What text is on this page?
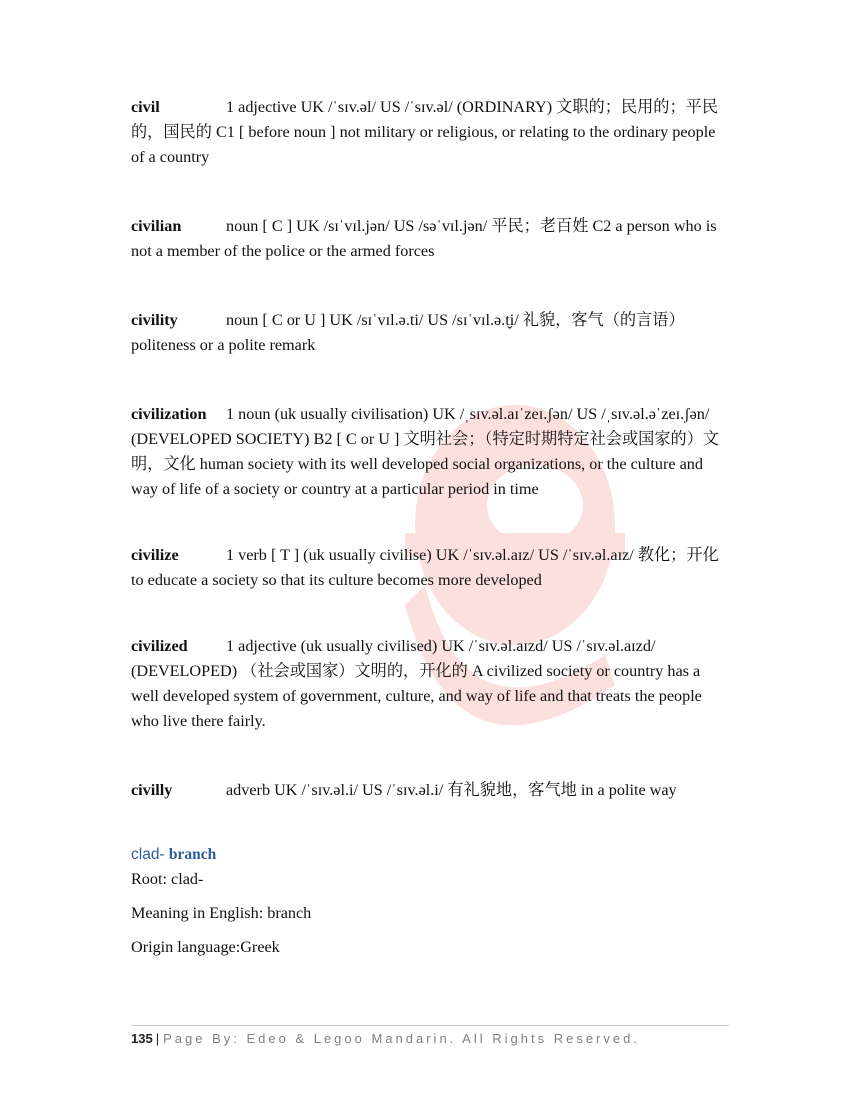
civil	1 adjective UK /ˈsɪv.əl/ US /ˈsɪv.əl/ (ORDINARY) 文职的；民用的；平民的，国民的 C1 [ before noun ] not military or religious, or relating to the ordinary people of a country

civilian	noun [ C ] UK /sɪˈvɪl.jən/ US /səˈvɪl.jən/ 平民；老百姓 C2 a person who is not a member of the police or the armed forces

civility	noun [ C or U ] UK /sɪˈvɪl.ə.ti/ US /sɪˈvɪl.ə.t̬i/ 礼貌，客气（的言语） politeness or a polite remark

civilization 1 noun (uk usually civilisation) UK /ˌsɪv.əl.aɪˈzeɪ.ʃən/ US /ˌsɪv.əl.əˈzeɪ.ʃən/ (DEVELOPED SOCIETY) B2 [ C or U ] 文明社会；（特定时期特定社会或国家的）文明，文化 human society with its well developed social organizations, or the culture and way of life of a society or country at a particular period in time

civilize	1 verb [ T ] (uk usually civilise) UK /ˈsɪv.əl.aɪz/ US /ˈsɪv.əl.aɪz/ 教化；开化 to educate a society so that its culture becomes more developed

civilized 1 adjective (uk usually civilised) UK /ˈsɪv.əl.aɪzd/ US /ˈsɪv.əl.aɪzd/ (DEVELOPED) （社会或国家）文明的，开化的 A civilized society or country has a well developed system of government, culture, and way of life and that treats the people who live there fairly.

civilly	adverb UK /ˈsɪv.əl.i/ US /ˈsɪv.əl.i/ 有礼貌地，客气地 in a polite way

clad- branch

Root: clad-

Meaning in English: branch

Origin language:Greek

135 | Page By: Edeo & Legoo Mandarin. All Rights Reserved.
